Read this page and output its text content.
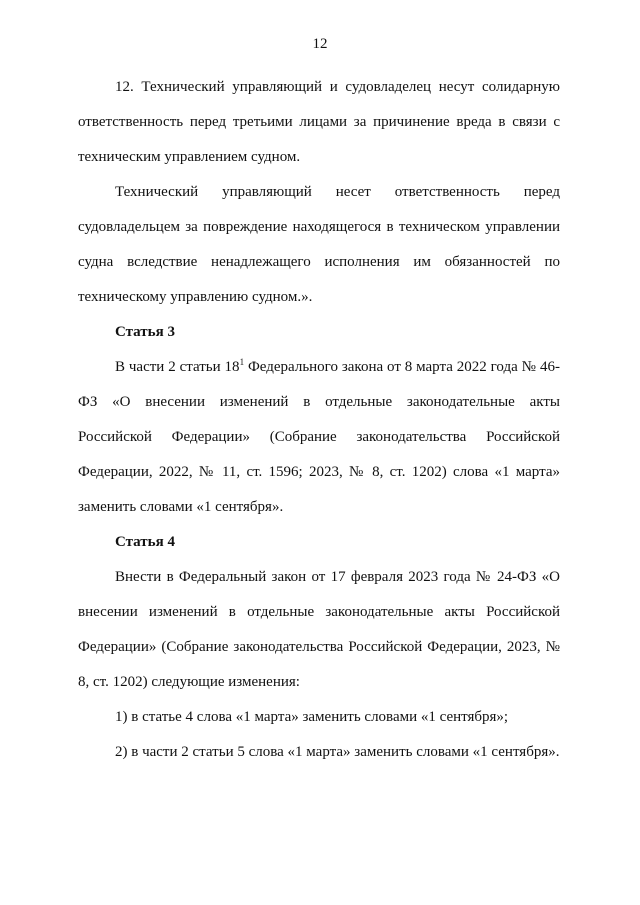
12

12. Технический управляющий и судовладелец несут солидарную ответственность перед третьими лицами за причинение вреда в связи с техническим управлением судном.

Технический управляющий несет ответственность перед судовладельцем за повреждение находящегося в техническом управлении судна вследствие ненадлежащего исполнения им обязанностей по техническому управлению судном.».

Статья 3

В части 2 статьи $18^1$ Федерального закона от 8 марта 2022 года № 46-ФЗ «О внесении изменений в отдельные законодательные акты Российской Федерации» (Собрание законодательства Российской Федерации, 2022, № 11, ст. 1596; 2023, № 8, ст. 1202) слова «1 марта» заменить словами «1 сентября».

Статья 4

Внести в Федеральный закон от 17 февраля 2023 года № 24-ФЗ «О внесении изменений в отдельные законодательные акты Российской Федерации» (Собрание законодательства Российской Федерации, 2023, № 8, ст. 1202) следующие изменения:

1) в статье 4 слова «1 марта» заменить словами «1 сентября»;

2) в части 2 статьи 5 слова «1 марта» заменить словами «1 сентября».
